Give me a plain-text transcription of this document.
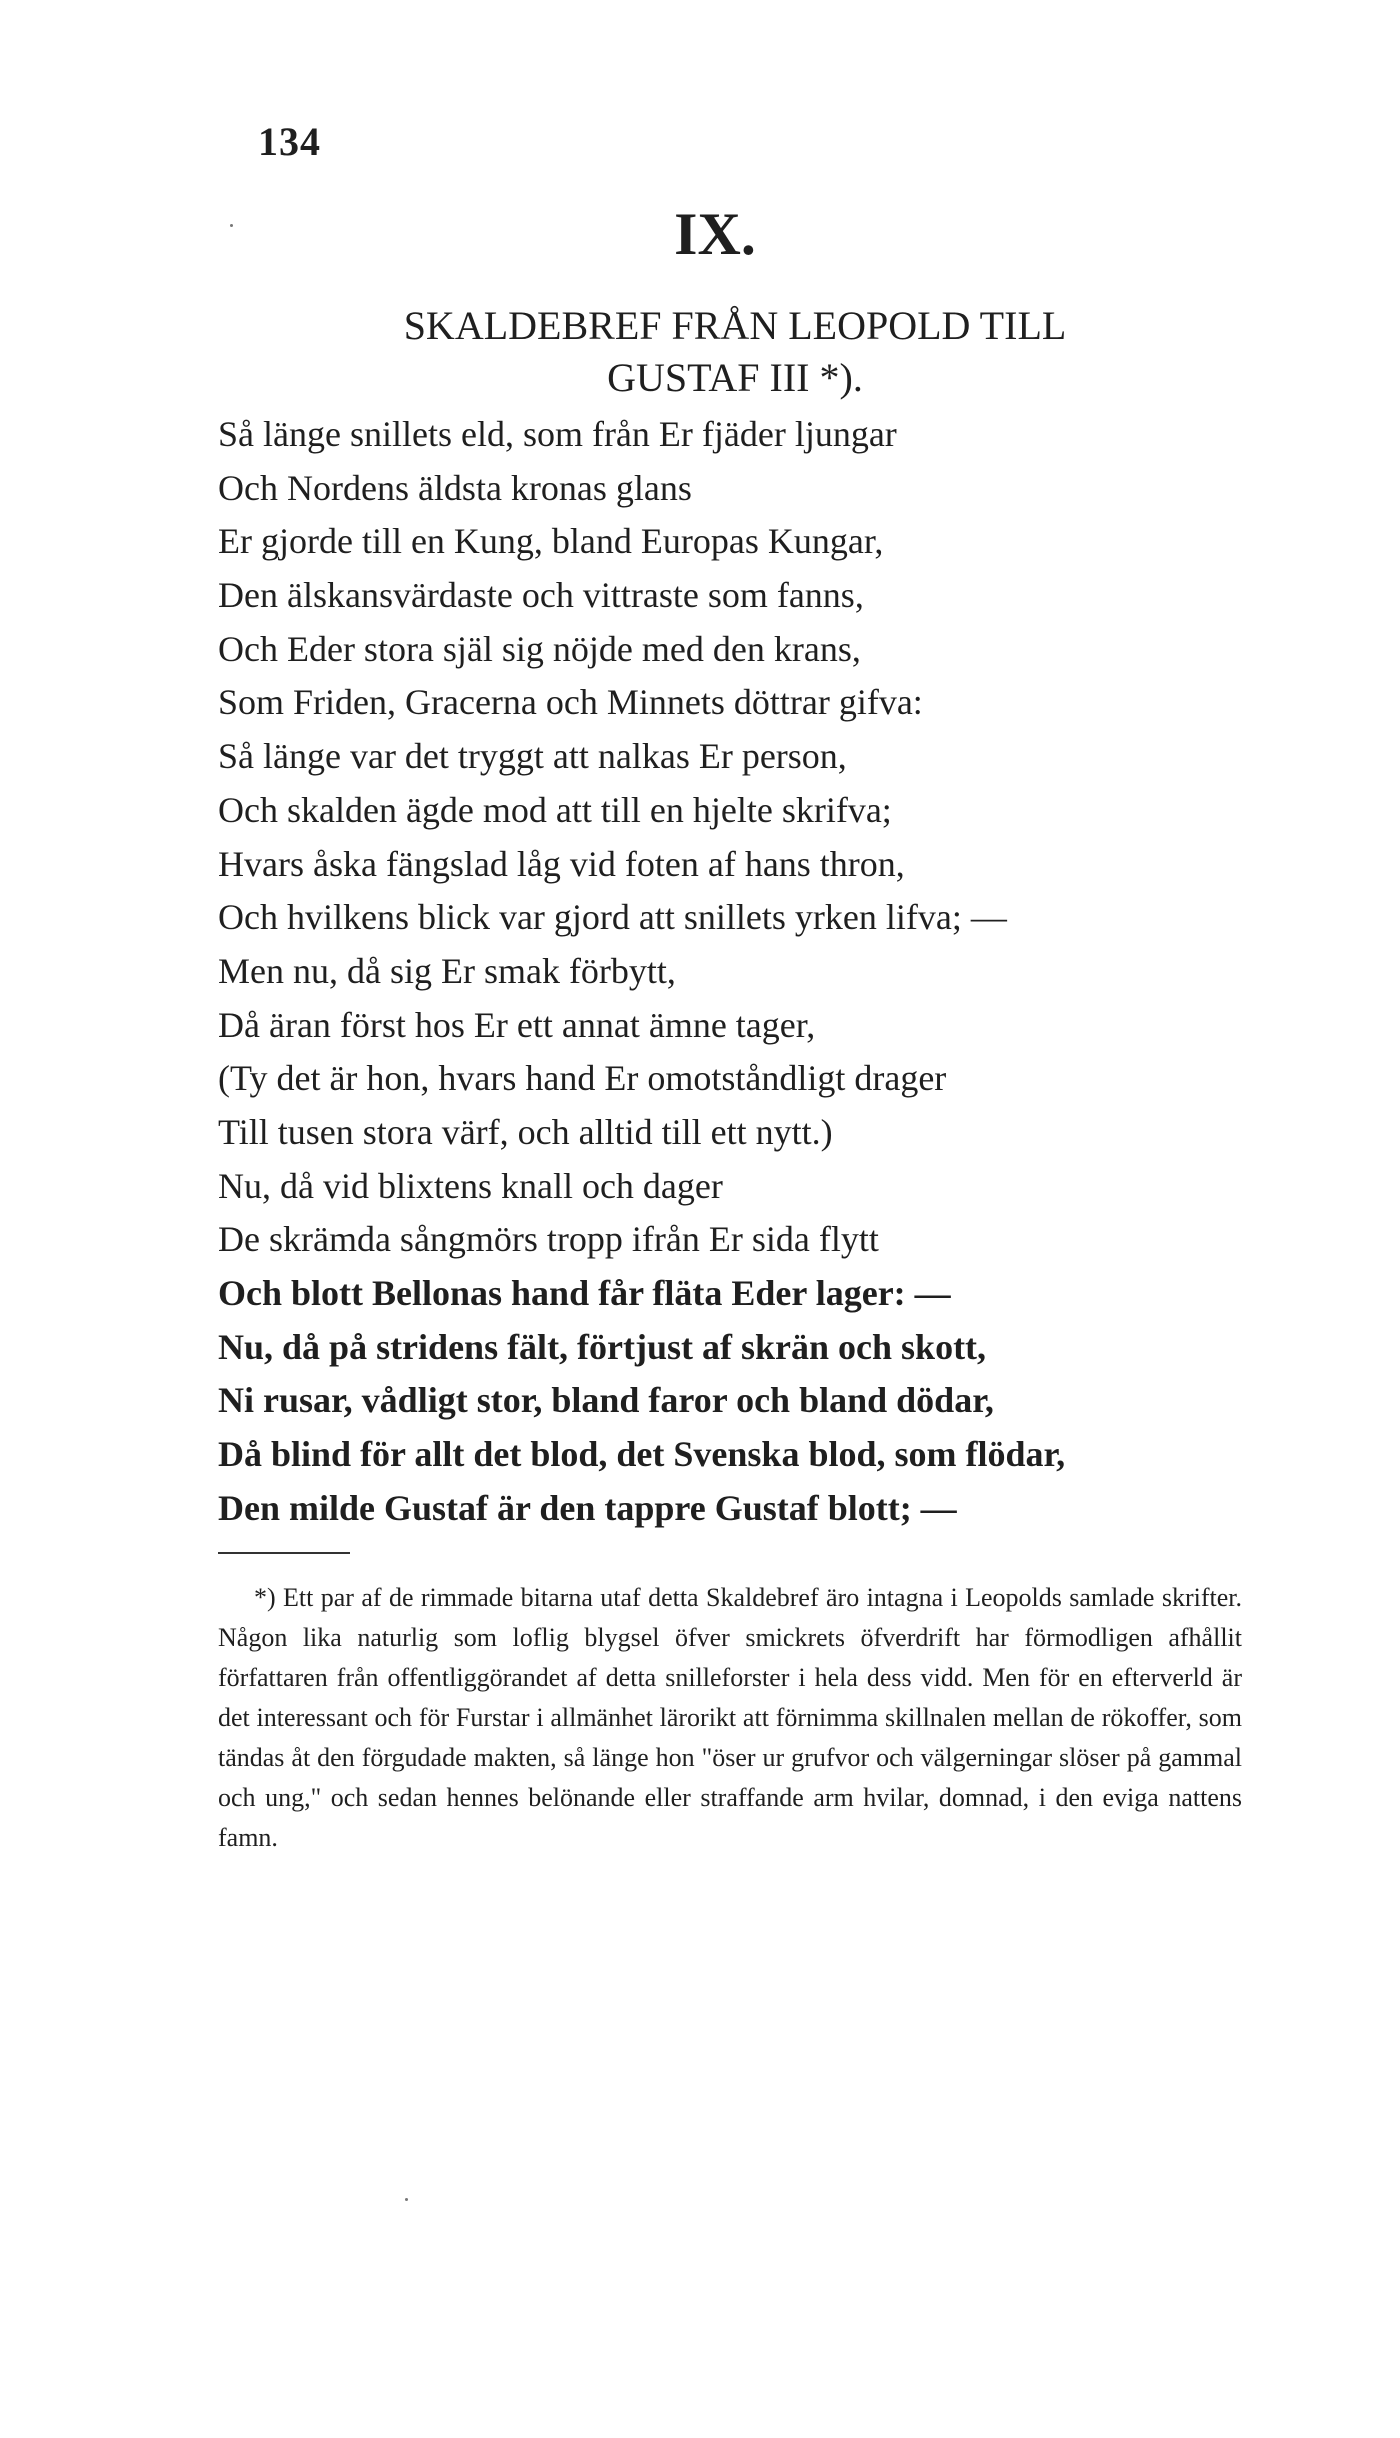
134
IX.
SKALDEBREF FRÅN LEOPOLD TILL
GUSTAF III *).
Så länge snillets eld, som från Er fjäder ljungar
Och Nordens äldsta kronas glans
Er gjorde till en Kung, bland Europas Kungar,
Den älskansvärdaste och vittraste som fanns,
Och Eder stora själ sig nöjde med den krans,
Som Friden, Gracerna och Minnets döttrar gifva:
Så länge var det tryggt att nalkas Er person,
Och skalden ägde mod att till en hjelte skrifva;
Hvars åska fängslad låg vid foten af hans thron,
Och hvilkens blick var gjord att snillets yrken lifva; —
Men nu, då sig Er smak förbytt,
Då äran först hos Er ett annat ämne tager,
(Ty det är hon, hvars hand Er omotståndligt drager
Till tusen stora värf, och alltid till ett nytt.)
Nu, då vid blixtens knall och dager
De skrämda sångmörs tropp ifrån Er sida flytt
Och blott Bellonas hand får fläta Eder lager: —
Nu, då på stridens fält, förtjust af skrän och skott,
Ni rusar, vådligt stor, bland faror och bland dödar,
Då blind för allt det blod, det Svenska blod, som flödar,
Den milde Gustaf är den tappre Gustaf blott; —
*) Ett par af de rimmade bitarna utaf detta Skaldebref äro intagna i Leopolds samlade skrifter. Någon lika naturlig som loflig blygsel öfver smickrets öfverdrift har förmodligen afhållit författaren från offentliggörandet af detta snilleforster i hela dess vidd. Men för en efterverld är det interessant och för Furstar i allmänhet lärorikt att förnimma skillnalen mellan de rökoffer, som tändas åt den förgudade makten, så länge hon "öser ur grufvor och välgerningar slöser på gammal och ung," och sedan hennes belönande eller straffande arm hvilar, domnad, i den eviga nattens famn.
